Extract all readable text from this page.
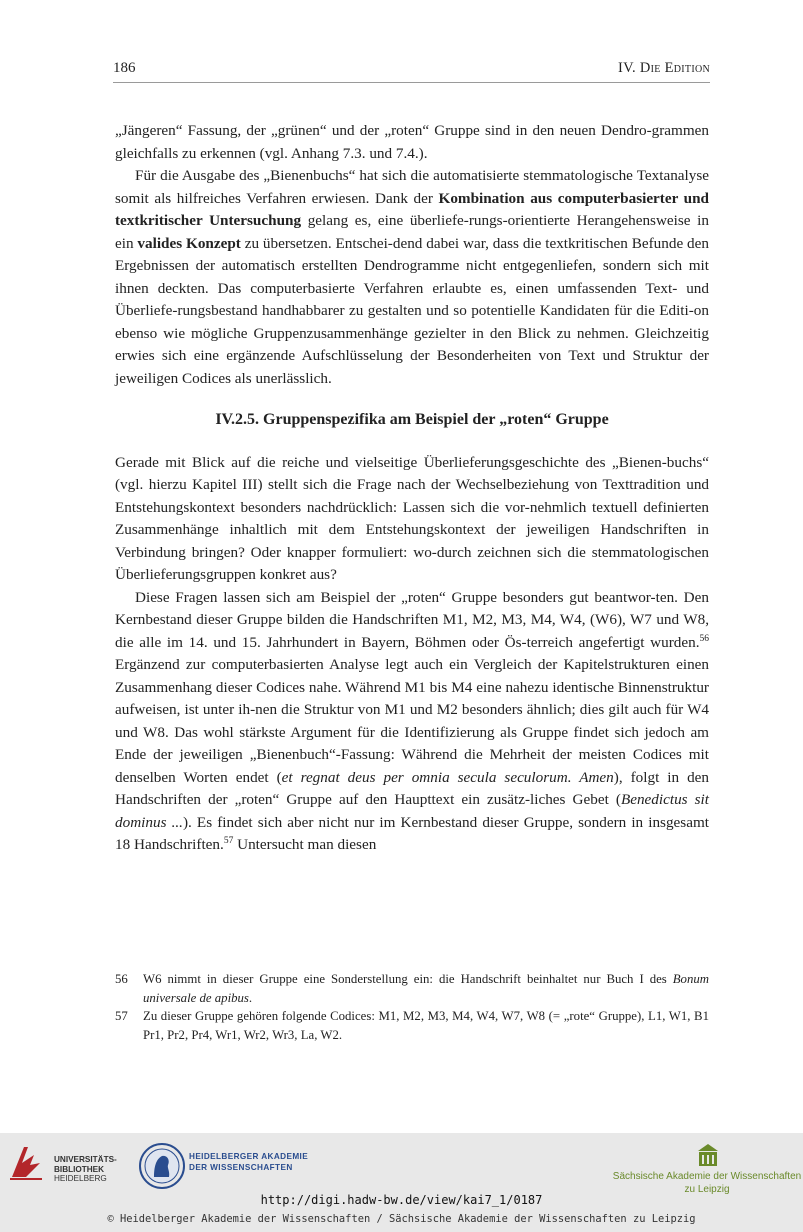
186	IV. Die Edition

„Jängeren“ Fassung, der „grünen“ und der „roten“ Gruppe sind in den neuen Dendro-grammen gleichfalls zu erkennen (vgl. Anhang 7.3. und 7.4.).

Für die Ausgabe des „Bienenbuchs“ hat sich die automatisierte stemmatologische Textanalyse somit als hilfreiches Verfahren erwiesen. Dank der Kombination aus computerbasierter und textkritischer Untersuchung gelang es, eine überliefe-rungs-orientierte Herangehensweise in ein valides Konzept zu übersetzen. Entschei-dend dabei war, dass die textkritischen Befunde den Ergebnissen der automatisch erstellten Dendrogramme nicht entgegenliefen, sondern sich mit ihnen deckten. Das computerbasierte Verfahren erlaubte es, einen umfassenden Text- und Überliefe-rungsbestand handhabbarer zu gestalten und so potentielle Kandidaten für die Editi-on ebenso wie mögliche Gruppenzusammenhänge gezielter in den Blick zu nehmen. Gleichzeitig erwies sich eine ergänzende Aufschlüsselung der Besonderheiten von Text und Struktur der jeweiligen Codices als unerlässlich.

IV.2.5. Gruppenspezifika am Beispiel der „roten“ Gruppe

Gerade mit Blick auf die reiche und vielseitige Überlieferungsgeschichte des „Bienen-buchs“ (vgl. hierzu Kapitel III) stellt sich die Frage nach der Wechselbeziehung von Texttradition und Entstehungskontext besonders nachdrücklich: Lassen sich die vor-nehmlich textuell definierten Zusammenhänge inhaltlich mit dem Entstehungskontext der jeweiligen Handschriften in Verbindung bringen? Oder knapper formuliert: wo-durch zeichnen sich die stemmatologischen Überlieferungsgruppen konkret aus?

Diese Fragen lassen sich am Beispiel der „roten“ Gruppe besonders gut beantwor-ten. Den Kernbestand dieser Gruppe bilden die Handschriften M1, M2, M3, M4, W4, (W6), W7 und W8, die alle im 14. und 15. Jahrhundert in Bayern, Böhmen oder Ös-terreich angefertigt wurden.$^{56}$ Ergänzend zur computerbasierten Analyse legt auch ein Vergleich der Kapitelstrukturen einen Zusammenhang dieser Codices nahe. Während M1 bis M4 eine nahezu identische Binnenstruktur aufweisen, ist unter ih-nen die Struktur von M1 und M2 besonders ähnlich; dies gilt auch für W4 und W8. Das wohl stärkste Argument für die Identifizierung als Gruppe findet sich jedoch am Ende der jeweiligen „Bienenbuch“-Fassung: Während die Mehrheit der meisten Codices mit denselben Worten endet (et regnat deus per omnia secula seculorum. Amen), folgt in den Handschriften der „roten“ Gruppe auf den Haupttext ein zusätz-liches Gebet (Benedictus sit dominus ...). Es findet sich aber nicht nur im Kernbestand dieser Gruppe, sondern in insgesamt 18 Handschriften.$^{57}$ Untersucht man diesen

56	W6 nimmt in dieser Gruppe eine Sonderstellung ein: die Handschrift beinhaltet nur Buch I des Bonum universale de apibus.
57	Zu dieser Gruppe gehören folgende Codices: M1, M2, M3, M4, W4, W7, W8 (= „rote“ Gruppe), L1, W1, B1 Pr1, Pr2, Pr4, Wr1, Wr2, Wr3, La, W2.
UNIVERSITÄTS-
BIBLIOTHEK
HEIDELBERG
HEIDELBERGER AKADEMIE
DER WISSENSCHAFTEN
Sächsische Akademie der Wissenschaften
zu Leipzig
http://digi.hadw-bw.de/view/kai7_1/0187
© Heidelberger Akademie der Wissenschaften / Sächsische Akademie der Wissenschaften zu Leipzig
